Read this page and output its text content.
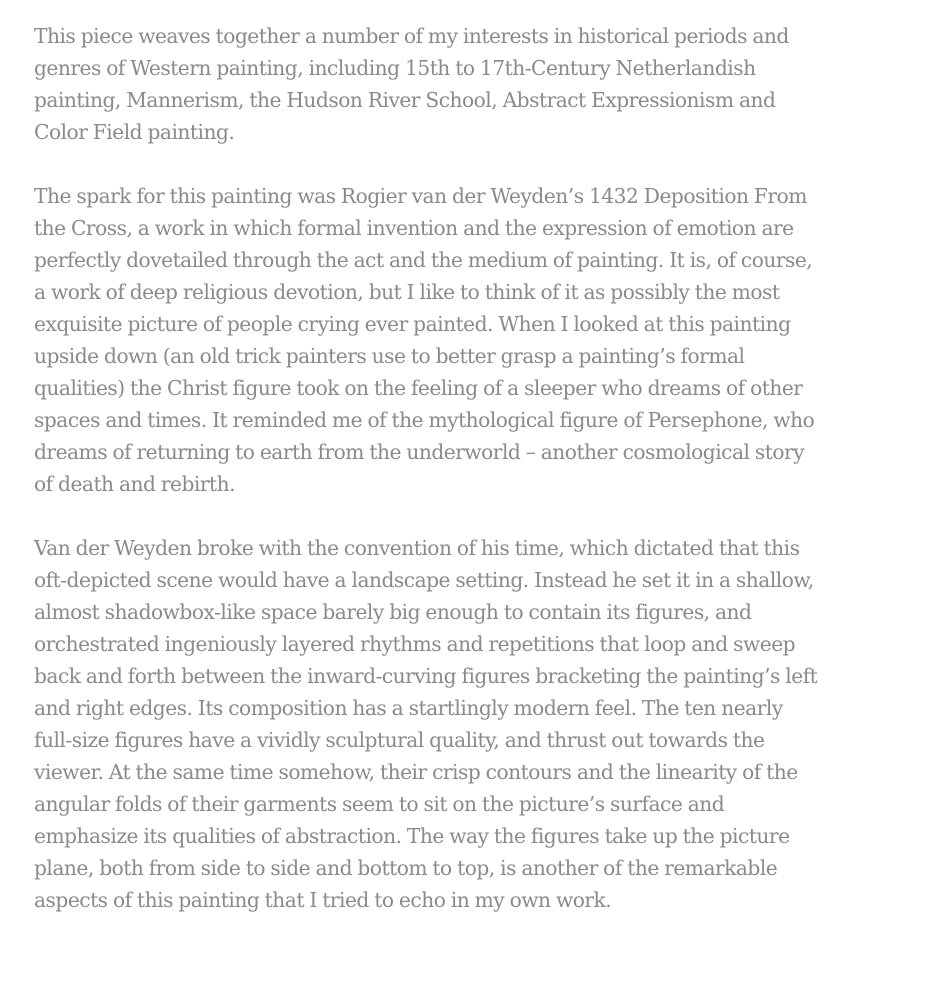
This piece weaves together a number of my interests in historical periods and
genres of Western painting, including 15th to 17th-Century Netherlandish
painting, Mannerism, the Hudson River School, Abstract Expressionism and
Color Field painting.

The spark for this painting was Rogier van der Weyden’s 1432 Deposition From
the Cross, a work in which formal invention and the expression of emotion are
perfectly dovetailed through the act and the medium of painting. It is, of course,
a work of deep religious devotion, but I like to think of it as possibly the most
exquisite picture of people crying ever painted. When I looked at this painting
upside down (an old trick painters use to better grasp a painting’s formal
qualities) the Christ figure took on the feeling of a sleeper who dreams of other
spaces and times. It reminded me of the mythological figure of Persephone, who
dreams of returning to earth from the underworld – another cosmological story
of death and rebirth.

Van der Weyden broke with the convention of his time, which dictated that this
oft-depicted scene would have a landscape setting. Instead he set it in a shallow,
almost shadowbox-like space barely big enough to contain its figures, and
orchestrated ingeniously layered rhythms and repetitions that loop and sweep
back and forth between the inward-curving figures bracketing the painting’s left
and right edges. Its composition has a startlingly modern feel. The ten nearly
full-size figures have a vividly sculptural quality, and thrust out towards the
viewer. At the same time somehow, their crisp contours and the linearity of the
angular folds of their garments seem to sit on the picture’s surface and
emphasize its qualities of abstraction. The way the figures take up the picture
plane, both from side to side and bottom to top, is another of the remarkable
aspects of this painting that I tried to echo in my own work.
